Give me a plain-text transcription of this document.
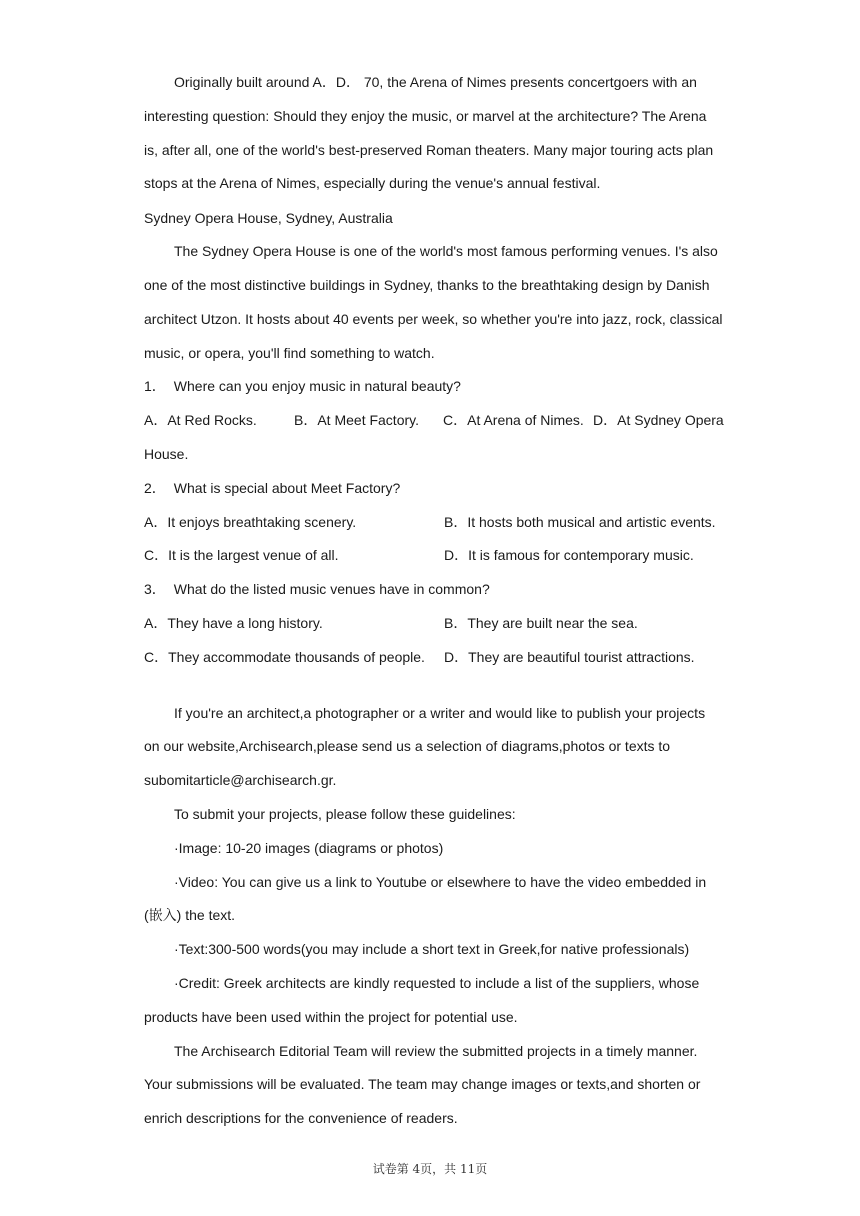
Originally built around A．D． 70, the Arena of Nimes presents concertgoers with an interesting question: Should they enjoy the music, or marvel at the architecture? The Arena is, after all, one of the world's best-preserved Roman theaters. Many major touring acts plan stops at the Arena of Nimes, especially during the venue's annual festival.

Sydney Opera House, Sydney, Australia

The Sydney Opera House is one of the world's most famous performing venues. I's also one of the most distinctive buildings in Sydney, thanks to the breathtaking design by Danish architect Utzon. It hosts about 40 events per week, so whether you're into jazz, rock, classical music, or opera, you'll find something to watch.

1． Where can you enjoy music in natural beauty?
A．At Red Rocks.	B．At Meet Factory. C．At Arena of Nimes. D．At Sydney Opera House.
2． What is special about Meet Factory?
A．It enjoys breathtaking scenery.	B．It hosts both musical and artistic events.
C．It is the largest venue of all.	D．It is famous for contemporary music.
3． What do the listed music venues have in common?
A．They have a long history.	B．They are built near the sea.
C．They accommodate thousands of people.	D．They are beautiful tourist attractions.

If you're an architect,a photographer or a writer and would like to publish your projects on our website,Archisearch,please send us a selection of diagrams,photos or texts to subomitarticle@archisearch.gr.

To submit your projects, please follow these guidelines:

·Image: 10-20 images (diagrams or photos)

·Video: You can give us a link to Youtube or elsewhere to have the video embedded in (嵌入) the text.

·Text:300-500 words(you may include a short text in Greek,for native professionals)

·Credit: Greek architects are kindly requested to include a list of the suppliers, whose products have been used within the project for potential use.

The Archisearch Editorial Team will review the submitted projects in a timely manner. Your submissions will be evaluated. The team may change images or texts,and shorten or enrich descriptions for the convenience of readers.

试卷第 4页，共 11页
